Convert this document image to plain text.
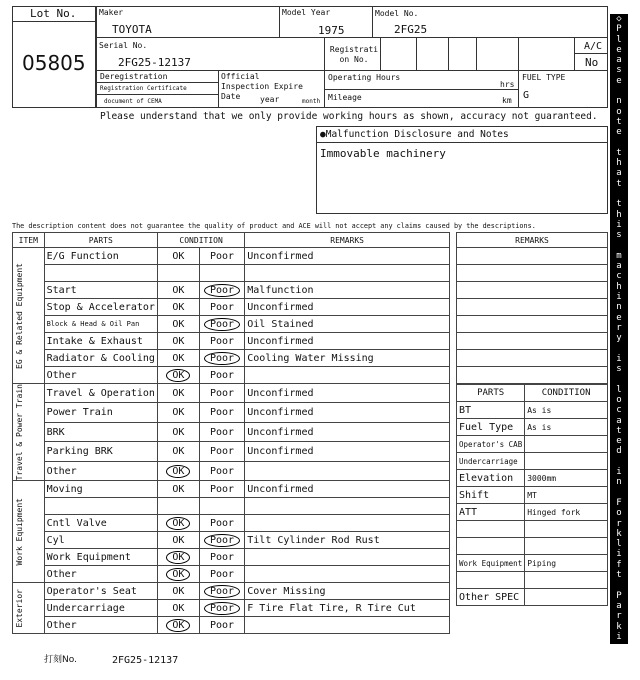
Lot No.
05805
Maker
TOYOTA
Model Year
1975
Model No.
2FG25
Serial No.
2FG25-12137
Registrati on No.
A/C
No
Deregistration
Registration Certificate
document of CEMA
Official Inspection Expire Date	year	month
Operating Hours
hrs
Mileage	km
FUEL TYPE
G
Please understand that we only provide working hours as shown, accuracy not guaranteed.
●Malfunction Disclosure and Notes
Immovable machinery
The description content does not guarantee the quality of product and ACE will not accept any claims caused by the descriptions.
ITEM	PARTS	CONDITION		REMARKS

EG & Related Equipment	E/G Function	OK	Poor	Unconfirmed

	Start	OK	Poor	Malfunction
	Stop & Accelerator	OK	Poor	Unconfirmed
	Block & Head & Oil Pan	OK	Poor	Oil Stained
	Intake & Exhaust	OK	Poor	Unconfirmed
	Radiator & Cooling	OK	Poor	Cooling Water Missing
	Other	OK	Poor	

Travel & Power Train	Travel & Operation	OK	Poor	Unconfirmed
	Power Train	OK	Poor	Unconfirmed
	BRK	OK	Poor	Unconfirmed
	Parking BRK	OK	Poor	Unconfirmed
	Other	OK	Poor	

Work Equipment	Moving	OK	Poor	Unconfirmed

	Cntl Valve	OK	Poor	
	Cyl	OK	Poor	Tilt Cylinder Rod Rust
	Work Equipment	OK	Poor	
	Other	OK	Poor	

Exterior	Operator's Seat	OK	Poor	Cover Missing
	Undercarriage	OK	Poor	F Tire Flat Tire, R Tire Cut
	Other	OK	Poor	
REMARKS

PARTS	CONDITION
BT	As is
Fuel Type	As is
Operator's CAB	
Undercarriage	
Elevation	3000mm
Shift	MT
ATT	Hinged fork

Work Equipment	Piping

Other SPEC	
◇
P
l
e
a
s
e

n
o
t
e

t
h
a
t

t
h
i
s

m
a
c
h
i
n
e
r
y

i
s

l
o
c
a
t
e
d

i
n

F
o
r
k
l
i
f
t

P
a
r
k
i
n
g
◇
打刻No.	2FG25-12137
